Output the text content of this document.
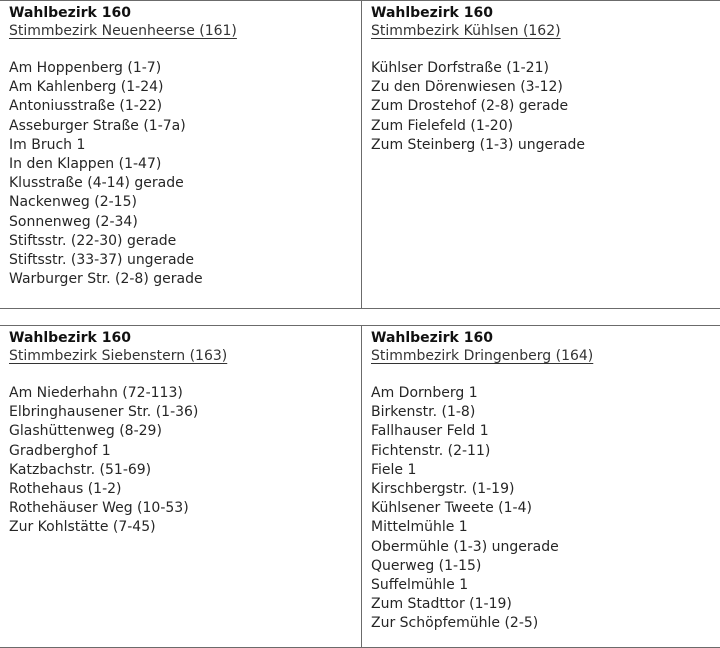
Wahlbezirk 160
Stimmbezirk Neuenheerse (161)
Am Hoppenberg (1-7)
Am Kahlenberg (1-24)
Antoniusstraße (1-22)
Asseburger Straße (1-7a)
Im Bruch 1
In den Klappen (1-47)
Klusstraße (4-14) gerade
Nackenweg (2-15)
Sonnenweg (2-34)
Stiftsstr. (22-30) gerade
Stiftsstr. (33-37) ungerade
Warburger Str. (2-8) gerade
Wahlbezirk 160
Stimmbezirk Kühlsen (162)
Kühlser Dorfstraße (1-21)
Zu den Dörenwiesen (3-12)
Zum Drostehof (2-8) gerade
Zum Fielefeld (1-20)
Zum Steinberg (1-3) ungerade
Wahlbezirk 160
Stimmbezirk Siebenstern (163)
Am Niederhahn (72-113)
Elbringhausener Str. (1-36)
Glashüttenweg (8-29)
Gradberghof 1
Katzbachstr. (51-69)
Rothehaus (1-2)
Rothehäuser Weg (10-53)
Zur Kohlstätte (7-45)
Wahlbezirk 160
Stimmbezirk Dringenberg (164)
Am Dornberg 1
Birkenstr. (1-8)
Fallhauser Feld 1
Fichtenstr. (2-11)
Fiele 1
Kirschbergstr. (1-19)
Kühlsener Tweete (1-4)
Mittelmühle 1
Obermühle (1-3) ungerade
Querweg (1-15)
Suffelmühle 1
Zum Stadttor (1-19)
Zur Schöpfemühle (2-5)
